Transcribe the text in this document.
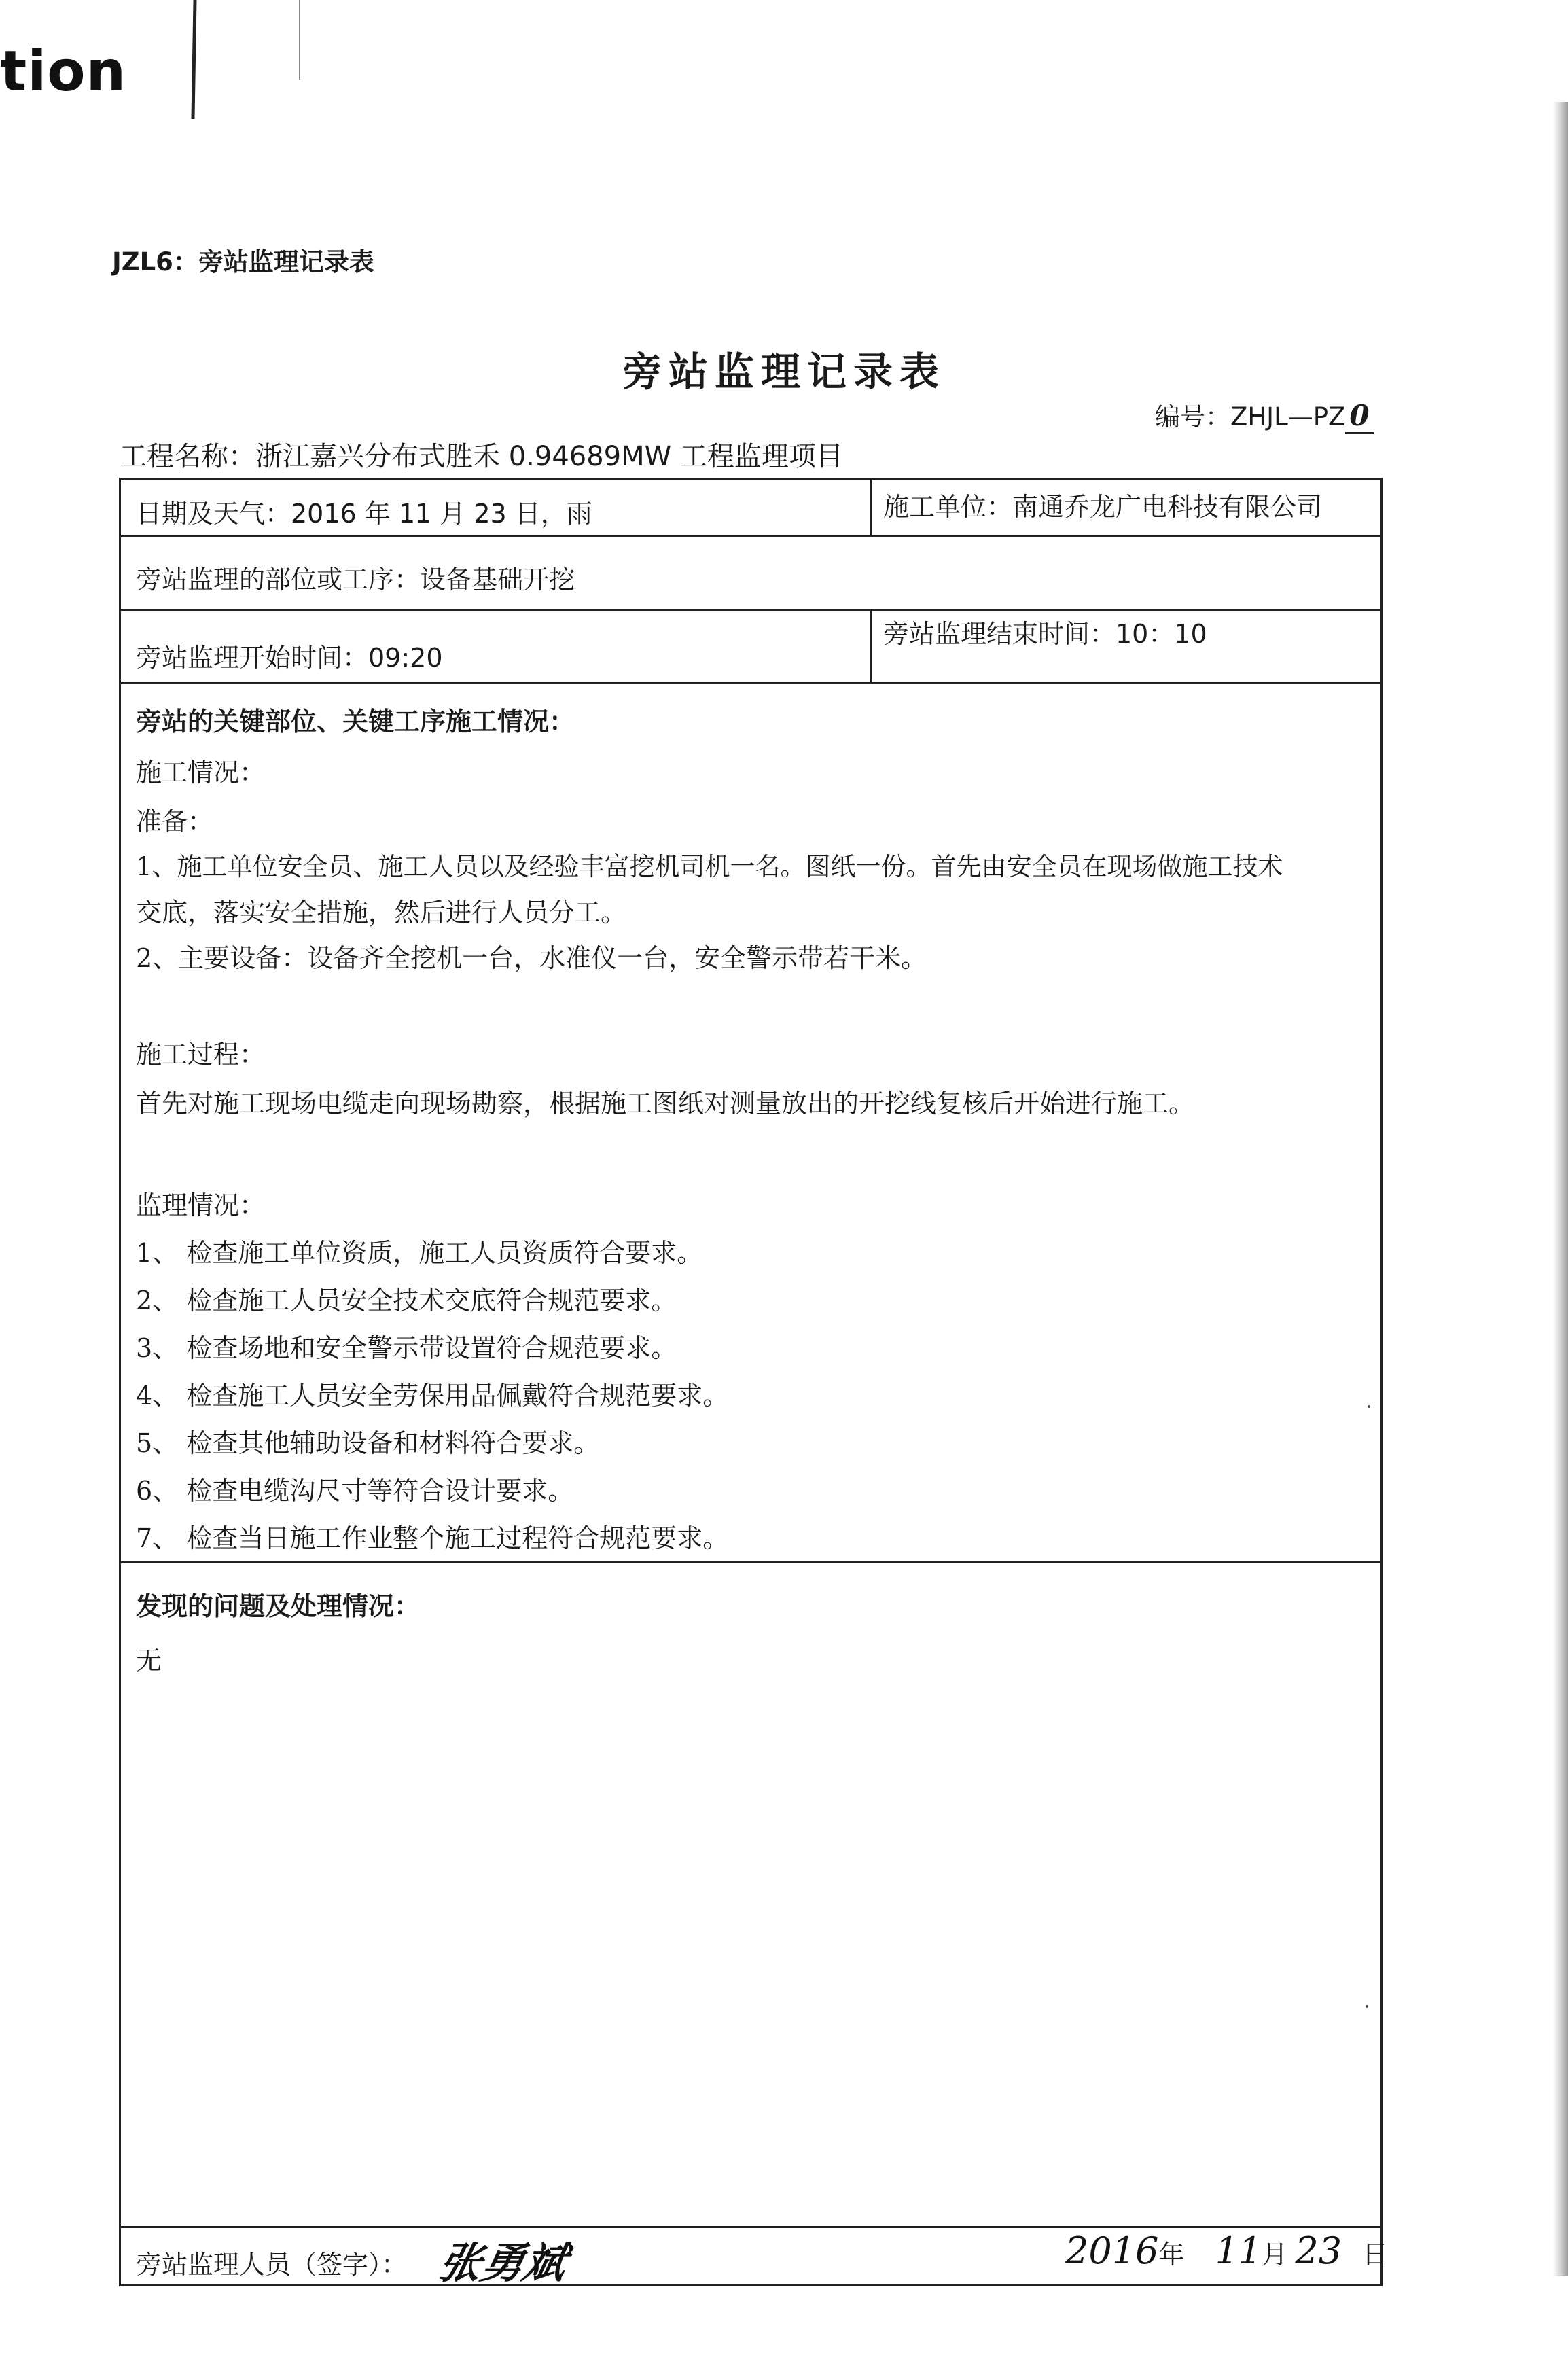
tion
JZL6：旁站监理记录表
旁站监理记录表
编号：ZHJL—PZ 0
工程名称：浙江嘉兴分布式胜禾 0.94689MW 工程监理项目
日期及天气：2016 年 11 月 23 日，雨	施工单位：南通乔龙广电科技有限公司
旁站监理的部位或工序：设备基础开挖
旁站监理开始时间：09:20
旁站监理结束时间：10：10
旁站的关键部位、关键工序施工情况：
施工情况：
准备：
1、施工单位安全员、施工人员以及经验丰富挖机司机一名。图纸一份。首先由安全员在现场做施工技术
交底，落实安全措施，然后进行人员分工。
2、主要设备：设备齐全挖机一台，水准仪一台，安全警示带若干米。
施工过程：
首先对施工现场电缆走向现场勘察，根据施工图纸对测量放出的开挖线复核后开始进行施工。
监理情况：
1、 检查施工单位资质，施工人员资质符合要求。
2、 检查施工人员安全技术交底符合规范要求。
3、 检查场地和安全警示带设置符合规范要求。
4、 检查施工人员安全劳保用品佩戴符合规范要求。
5、 检查其他辅助设备和材料符合要求。
6、 检查电缆沟尺寸等符合设计要求。
7、 检查当日施工作业整个施工过程符合规范要求。
发现的问题及处理情况：
无
旁站监理人员（签字）： 张勇斌	2016年 11月 23 日
